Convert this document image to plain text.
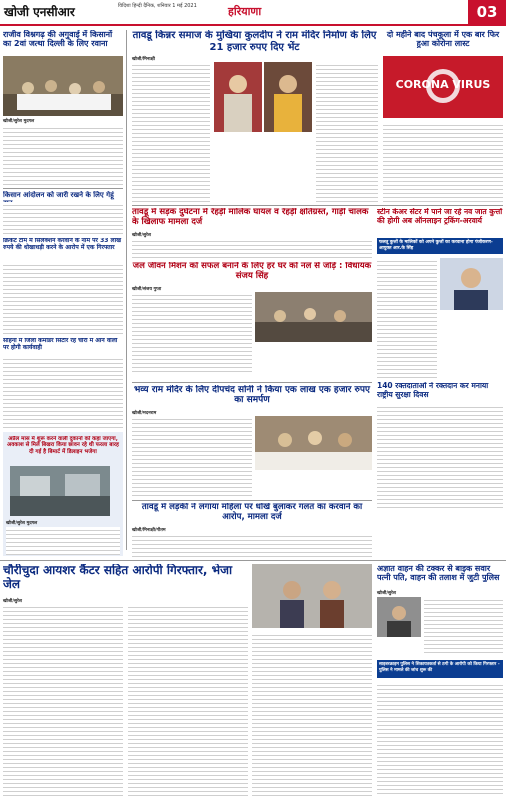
खोजी एनसीआर	विदिशा हिन्दी दैनिक, शनिवार 1 मई 2021	हरियाणा	03
राजीव विश्नगढ़ की अगुवाई में किसानों का 2वां जत्था दिल्ली के लिए रवाना
खोजी/सुरेश मुदगल
किसान आंदोलन को जारी रखने के लिए गेहूं
क्रिकेट टीम में सिलेक्शन करवाने के नाम पर 33 लाख रुपये की धोखाधड़ी करने के आरोप में एक गिरफ्तार
सोहना में जिला कमांडर सिटीर रहे चोरी में आने वालों पर होगी कार्यवाही
तावडू किन्नर समाज के मुखिया कुलदीप ने राम मंदिर निर्माण के लिए 21 हजार रुपए दिए भेंट
खोजी/मिनाक्षी
दो महीने बाद पंचकूला में एक बार फिर हुआ कोरोना लास्ट
CORONA VIRUS
तावडू में सड़क दुर्घटना में रेहड़ी मालिक घायल व रेहड़ी क्षतिग्रस्त, गाड़ी चालक के खिलाफ मामला दर्ज
खोजी/सुरेश
जल जीवन मिशन को सफल बनाने के लिए हर घर को नल से जोड़े : विधायक संजय सिंह
खोजी/संजय गुप्ता
स्टीन केअर सेंटर में पाने जा रहे नव जात कुत्तों की होगी अब ऑनलाइन ट्रकिंग-अरवार्य
फलतू कुत्तों के मालिकों को अपने कुत्तों का करवाना होगा पंजीकरण- आयुक्त आर.के सिंह
भव्य राम मंदिर के लिए दीपचंद सोनी ने किया एक लाख एक हजार रुपए का समर्पण
खोजी/मदनराम
140 रक्तदाताओं ने रक्तदान कर मनाया राष्ट्रीय सुरक्षा दिवस
तावडू में लड़की ने लगाया महिला पर धोखे बुलाकर गलत का करवाने का आरोप, मामला दर्ज
खोजी/मिनाक्षी/गौतम
अप्रैल मास में शुरू करने वाली दुकानों को कहा जाएगा, अवकाश से मिले बिखरा किया छावन रहे थी फरला बारह दी गई है बिमार्ट में डिलाइन भजेगा
खोजी/सुरेश मुदगल
चौरीचुदा आयशर कैंटर सहित आरोपी गिरफ्तार, भेजा जेल
खोजी/सुरेश
अज्ञात वाहन की टक्कर से बाइक सवार पत्नी पति, वाहन की तलाश में जुटी पुलिस
खोजी/सुरेश
साइबरक्राइम पुलिस ने शिकायतकर्ता से ठगी के आरोपी को किया गिरफ्तार - पुलिस ने मामले की जांच शुरू की
